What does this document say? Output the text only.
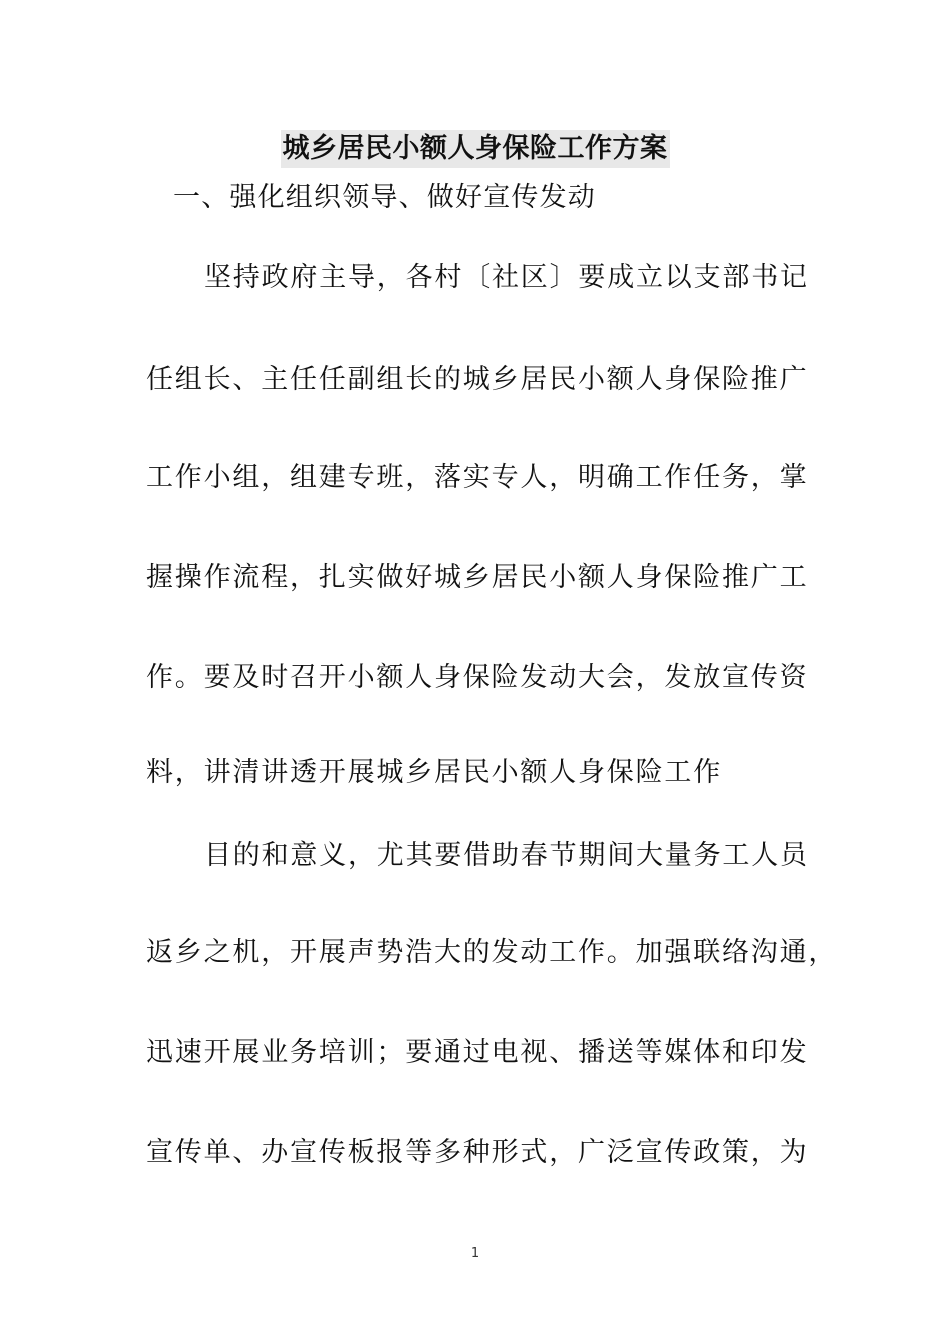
城乡居民小额人身保险工作方案
一、强化组织领导、做好宣传发动
坚持政府主导，各村〔社区〕要成立以支部书记
任组长、主任任副组长的城乡居民小额人身保险推广
工作小组，组建专班，落实专人，明确工作任务，掌
握操作流程，扎实做好城乡居民小额人身保险推广工
作。要及时召开小额人身保险发动大会，发放宣传资
料，讲清讲透开展城乡居民小额人身保险工作
目的和意义，尤其要借助春节期间大量务工人员
返乡之机，开展声势浩大的发动工作。加强联络沟通，
迅速开展业务培训；要通过电视、播送等媒体和印发
宣传单、办宣传板报等多种形式，广泛宣传政策，为
1
